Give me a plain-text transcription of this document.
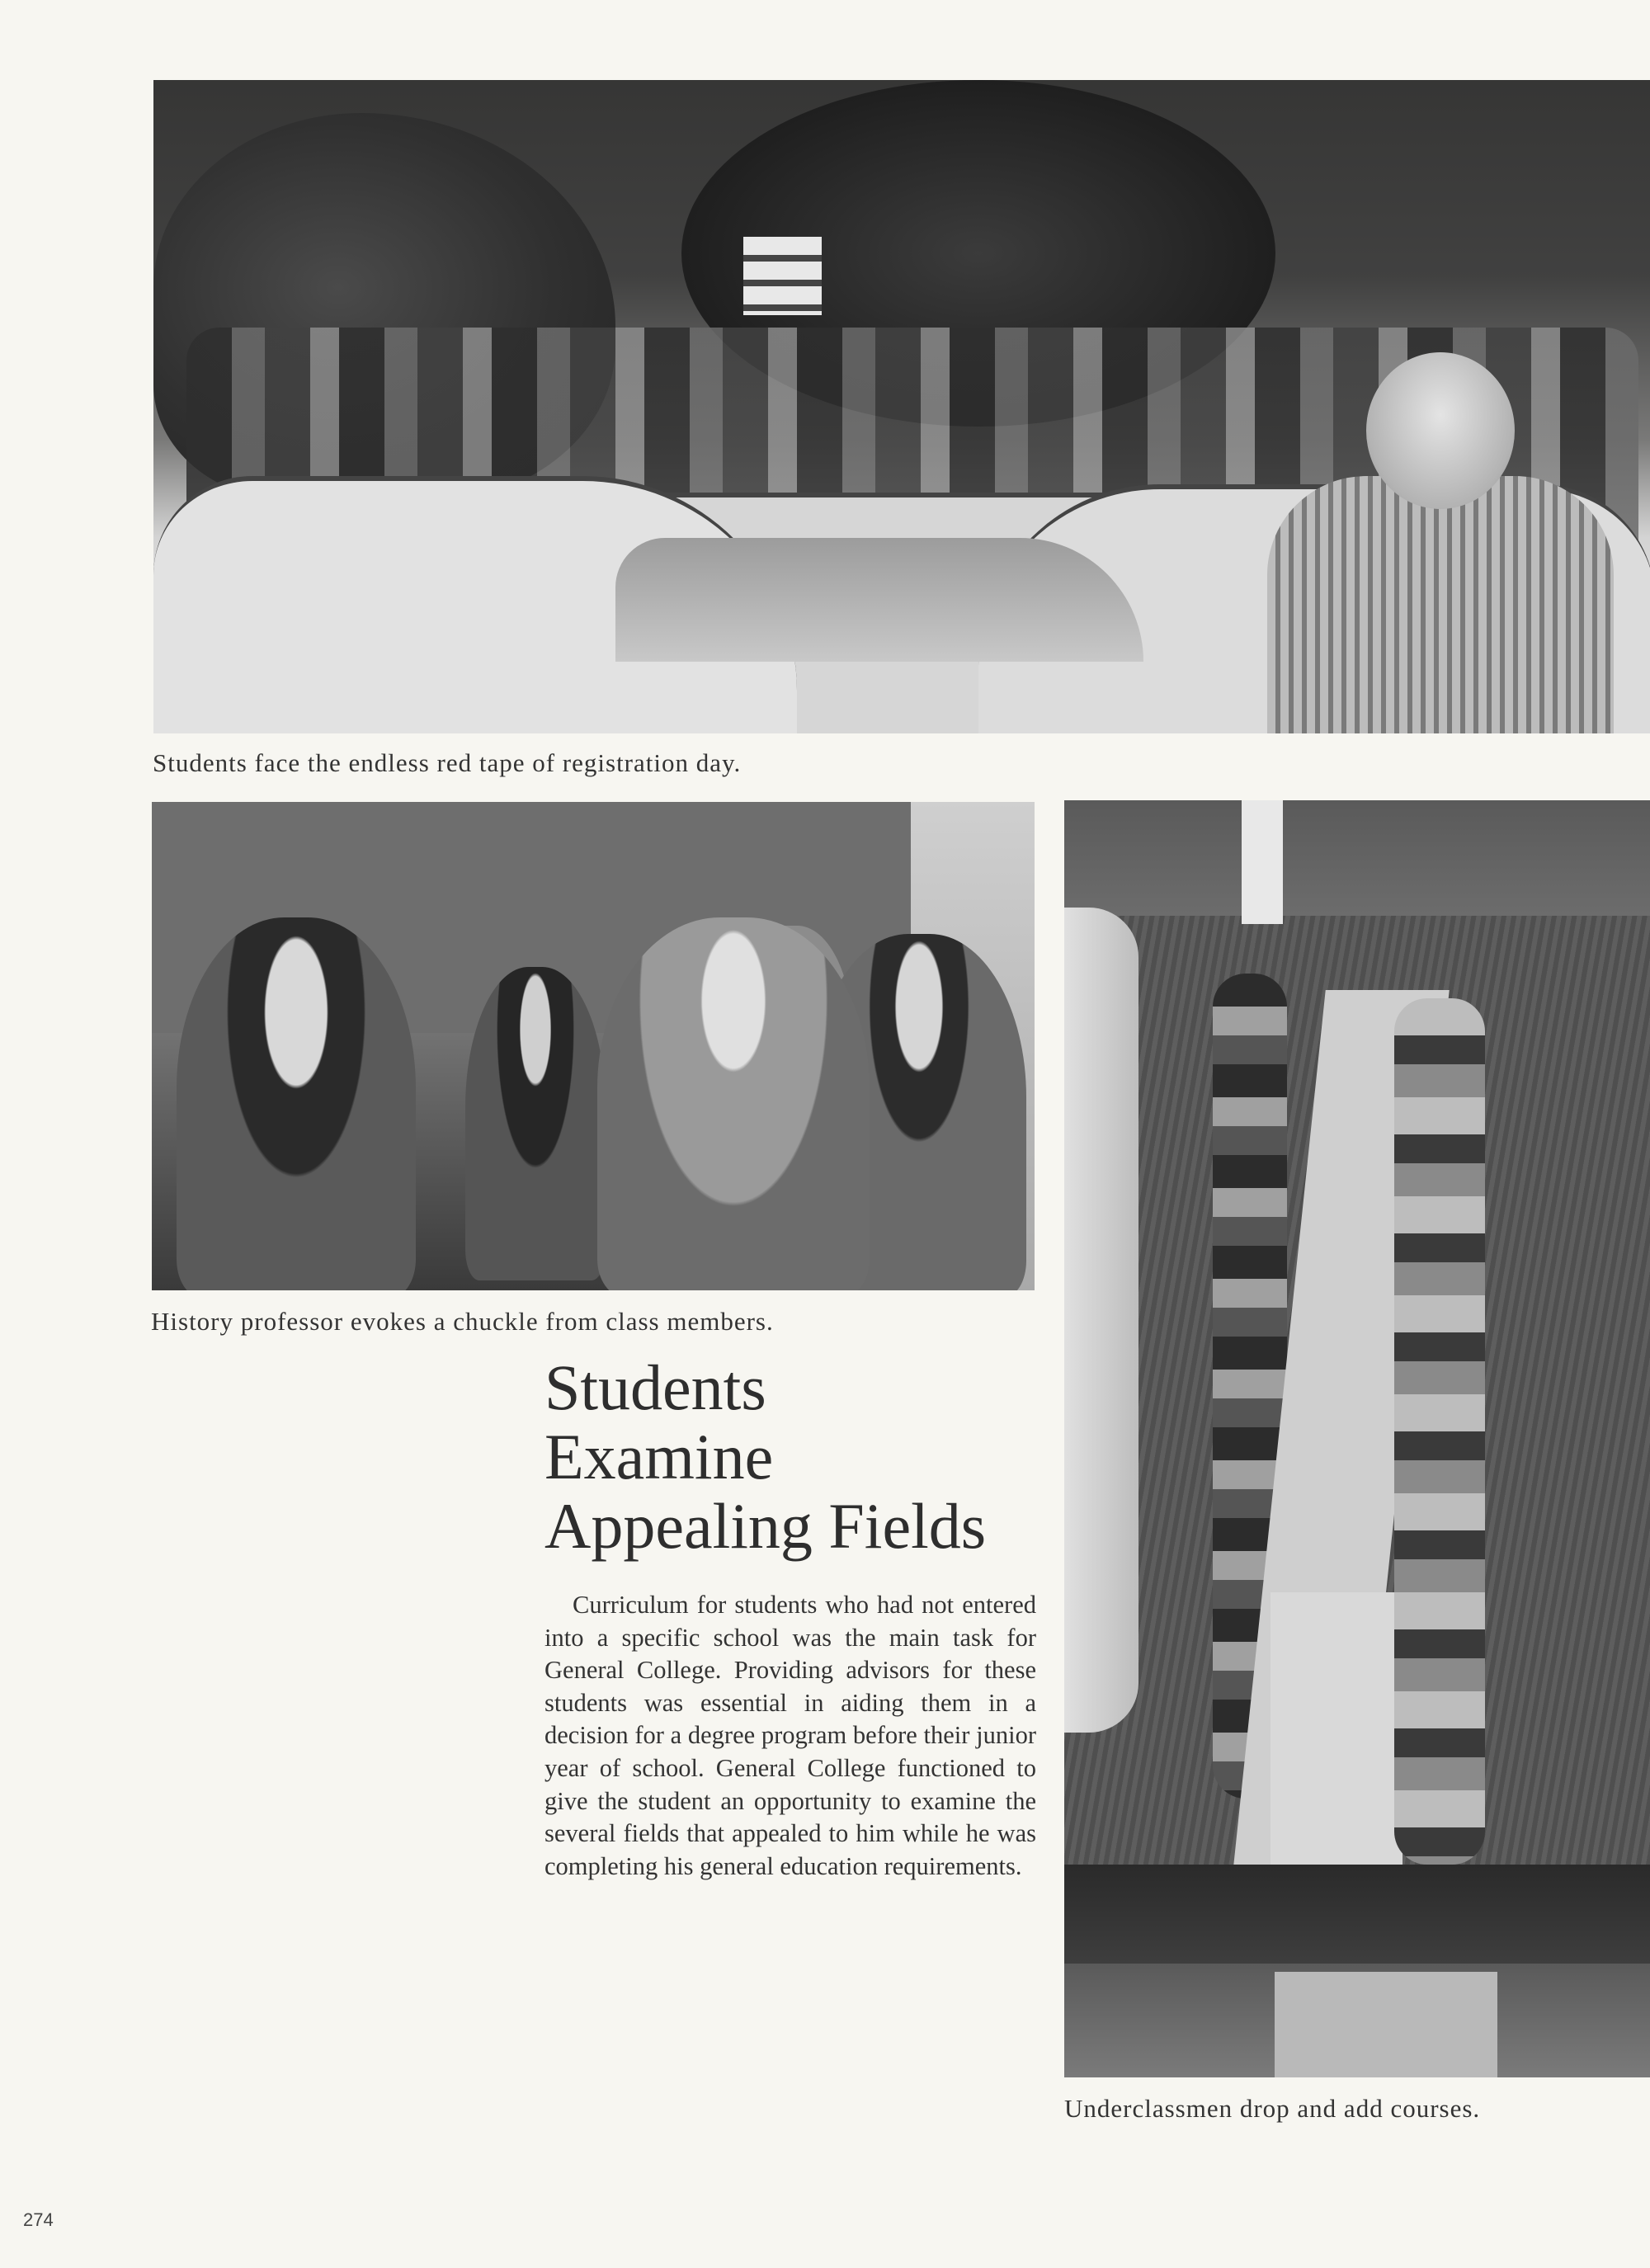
Students face the endless red tape of registration day.
History professor evokes a chuckle from class members.
Underclassmen drop and add courses.
Students
Examine
Appealing Fields

Curriculum for students who had not entered into a specific school was the main task for General College. Providing advisors for these students was essential in aiding them in a decision for a degree program before their junior year of school. General College functioned to give the student an opportunity to examine the several fields that appealed to him while he was completing his general education requirements.

274
